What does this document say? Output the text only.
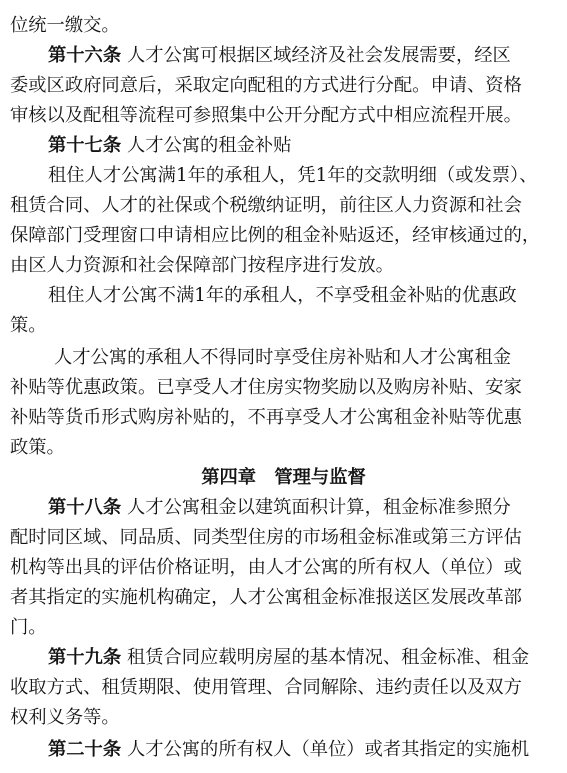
位统一缴交。
第十六条 人才公寓可根据区域经济及社会发展需要，经区
委或区政府同意后，采取定向配租的方式进行分配。申请、资格
审核以及配租等流程可参照集中公开分配方式中相应流程开展。
第十七条 人才公寓的租金补贴
租住人才公寓满1年的承租人，凭1年的交款明细（或发票）、
租赁合同、人才的社保或个税缴纳证明，前往区人力资源和社会
保障部门受理窗口申请相应比例的租金补贴返还，经审核通过的，
由区人力资源和社会保障部门按程序进行发放。
租住人才公寓不满1年的承租人，不享受租金补贴的优惠政
策。
人才公寓的承租人不得同时享受住房补贴和人才公寓租金
补贴等优惠政策。已享受人才住房实物奖励以及购房补贴、安家
补贴等货币形式购房补贴的，不再享受人才公寓租金补贴等优惠
政策。
第四章　管理与监督
第十八条 人才公寓租金以建筑面积计算，租金标准参照分
配时同区域、同品质、同类型住房的市场租金标准或第三方评估
机构等出具的评估价格证明，由人才公寓的所有权人（单位）或
者其指定的实施机构确定，人才公寓租金标准报送区发展改革部
门。
第十九条 租赁合同应载明房屋的基本情况、租金标准、租金
收取方式、租赁期限、使用管理、合同解除、违约责任以及双方
权利义务等。
第二十条 人才公寓的所有权人（单位）或者其指定的实施机
